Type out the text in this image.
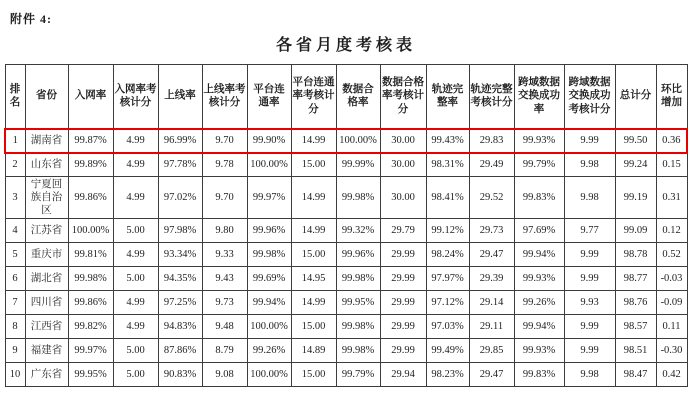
附件 4:
各省月度考核表
排名	省份	入网率	入网率考核计分	上线率	上线率考核计分	平台连通率	平台连通率考核计分	数据合格率	数据合格率考核计分	轨迹完整率	轨迹完整考核计分	跨域数据交换成功率	跨域数据交换成功考核计分	总计分	环比增加
1	湖南省	99.87%	4.99	96.99%	9.70	99.90%	14.99	100.00%	30.00	99.43%	29.83	99.93%	9.99	99.50	0.36
2	山东省	99.89%	4.99	97.78%	9.78	100.00%	15.00	99.99%	30.00	98.31%	29.49	99.79%	9.98	99.24	0.15
3	宁夏回族自治区	99.86%	4.99	97.02%	9.70	99.97%	14.99	99.98%	30.00	98.41%	29.52	99.83%	9.98	99.19	0.31
4	江苏省	100.00%	5.00	97.98%	9.80	99.96%	14.99	99.32%	29.79	99.12%	29.73	97.69%	9.77	99.09	0.12
5	重庆市	99.81%	4.99	93.34%	9.33	99.98%	15.00	99.96%	29.99	98.24%	29.47	99.94%	9.99	98.78	0.52
6	湖北省	99.98%	5.00	94.35%	9.43	99.69%	14.95	99.98%	29.99	97.97%	29.39	99.93%	9.99	98.77	-0.03
7	四川省	99.86%	4.99	97.25%	9.73	99.94%	14.99	99.95%	29.99	97.12%	29.14	99.26%	9.93	98.76	-0.09
8	江西省	99.82%	4.99	94.83%	9.48	100.00%	15.00	99.98%	29.99	97.03%	29.11	99.94%	9.99	98.57	0.11
9	福建省	99.97%	5.00	87.86%	8.79	99.26%	14.89	99.98%	29.99	99.49%	29.85	99.93%	9.99	98.51	-0.30
10	广东省	99.95%	5.00	90.83%	9.08	100.00%	15.00	99.79%	29.94	98.23%	29.47	99.83%	9.98	98.47	0.42
